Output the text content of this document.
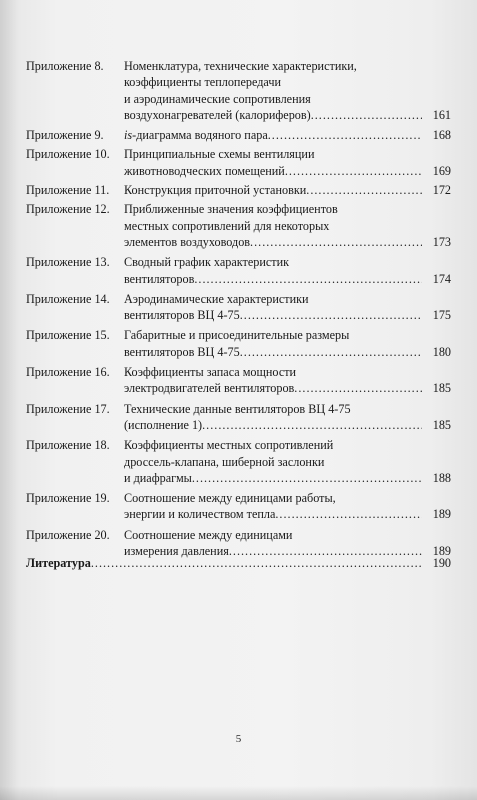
Приложение 8.	Номенклатура, технические характеристики,
коэффициенты теплопередачи
и аэродинамические сопротивления
воздухонагревателей (калориферов) .....	161
Приложение 9.	is-диаграмма водяного пара .....	168
Приложение 10.	Принципиальные схемы вентиляции
животноводческих помещений .....	169
Приложение 11.	Конструкция приточной установки .....	172
Приложение 12.	Приближенные значения коэффициентов
местных сопротивлений для некоторых
элементов воздуховодов .....	173
Приложение 13.	Сводный график характеристик
вентиляторов .....	174
Приложение 14.	Аэродинамические характеристики
вентиляторов ВЦ 4-75 .....	175
Приложение 15.	Габаритные и присоединительные размеры
вентиляторов ВЦ 4-75 .....	180
Приложение 16.	Коэффициенты запаса мощности
электродвигателей вентиляторов .....	185
Приложение 17.	Технические данные вентиляторов ВЦ 4-75
(исполнение 1) .....	185
Приложение 18.	Коэффициенты местных сопротивлений
дроссель-клапана, шиберной заслонки
и диафрагмы .....	188
Приложение 19.	Соотношение между единицами работы,
энергии и количеством тепла .....	189
Приложение 20.	Соотношение между единицами
измерения давления .....	189
Литература .....	190
5
